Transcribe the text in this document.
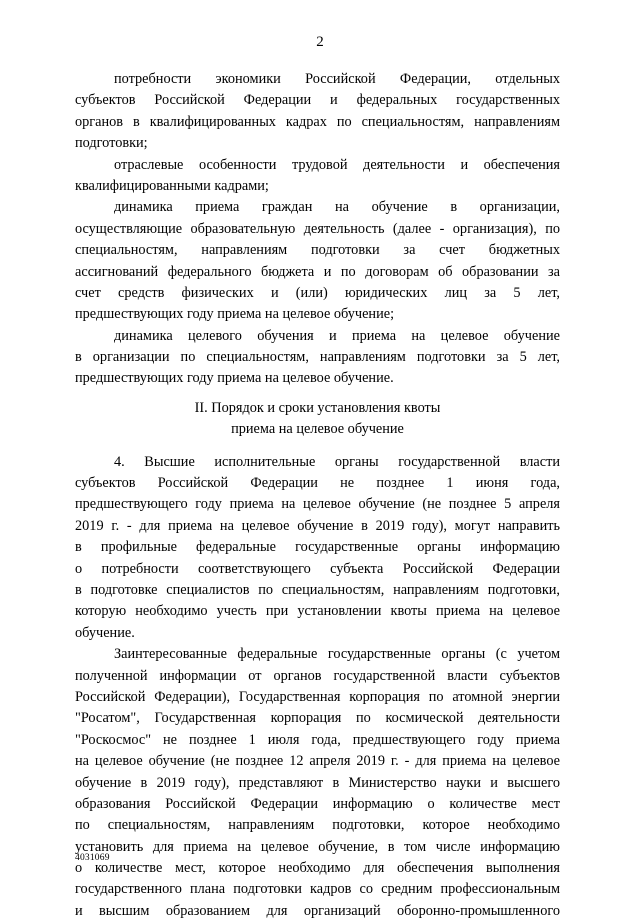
2
потребности экономики Российской Федерации, отдельных
субъектов Российской Федерации и федеральных государственных
органов в квалифицированных кадрах по специальностям, направлениям
подготовки;
отраслевые особенности трудовой деятельности и обеспечения
квалифицированными кадрами;
динамика приема граждан на обучение в организации,
осуществляющие образовательную деятельность (далее - организация), по
специальностям, направлениям подготовки за счет бюджетных
ассигнований федерального бюджета и по договорам об образовании за
счет средств физических и (или) юридических лиц за 5 лет,
предшествующих году приема на целевое обучение;
динамика целевого обучения и приема на целевое обучение
в организации по специальностям, направлениям подготовки за 5 лет,
предшествующих году приема на целевое обучение.
II. Порядок и сроки установления квоты
приема на целевое обучение
4. Высшие исполнительные органы государственной власти
субъектов Российской Федерации не позднее 1 июня года,
предшествующего году приема на целевое обучение (не позднее 5 апреля
2019 г. - для приема на целевое обучение в 2019 году), могут направить
в профильные федеральные государственные органы информацию
о потребности соответствующего субъекта Российской Федерации
в подготовке специалистов по специальностям, направлениям подготовки,
которую необходимо учесть при установлении квоты приема на целевое
обучение.
Заинтересованные федеральные государственные органы (с учетом
полученной информации от органов государственной власти субъектов
Российской Федерации), Государственная корпорация по атомной энергии
"Росатом", Государственная корпорация по космической деятельности
"Роскосмос" не позднее 1 июля года, предшествующего году приема
на целевое обучение (не позднее 12 апреля 2019 г. - для приема на целевое
обучение в 2019 году), представляют в Министерство науки и высшего
образования Российской Федерации информацию о количестве мест
по специальностям, направлениям подготовки, которое необходимо
установить для приема на целевое обучение, в том числе информацию
о количестве мест, которое необходимо для обеспечения выполнения
государственного плана подготовки кадров со средним профессиональным
и высшим образованием для организаций оборонно-промышленного
4031069
